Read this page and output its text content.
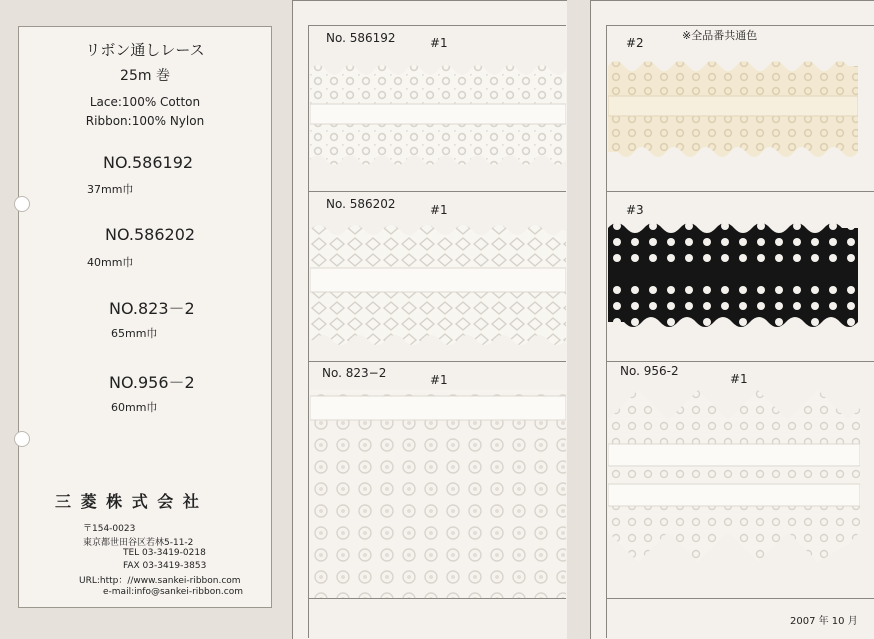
リボン通しレース
25m 巻
Lace:100% Cotton
Ribbon:100% Nylon
NO.586192
37mm巾
NO.586202
40mm巾
NO.823－2
65mm巾
NO.956－2
60mm巾
三 菱 株 式 会 社
〒154-0023
東京都世田谷区若林5-11-2
TEL 03-3419-0218
FAX 03-3419-3853
URL:http：//www.sankei-ribbon.com
e-mail:info@sankei-ribbon.com
No. 586192	#1
No. 586202	#1
No. 823−2	#1
#2
※全品番共通色
#3
No. 956-2
#1
2007 年 10 月
